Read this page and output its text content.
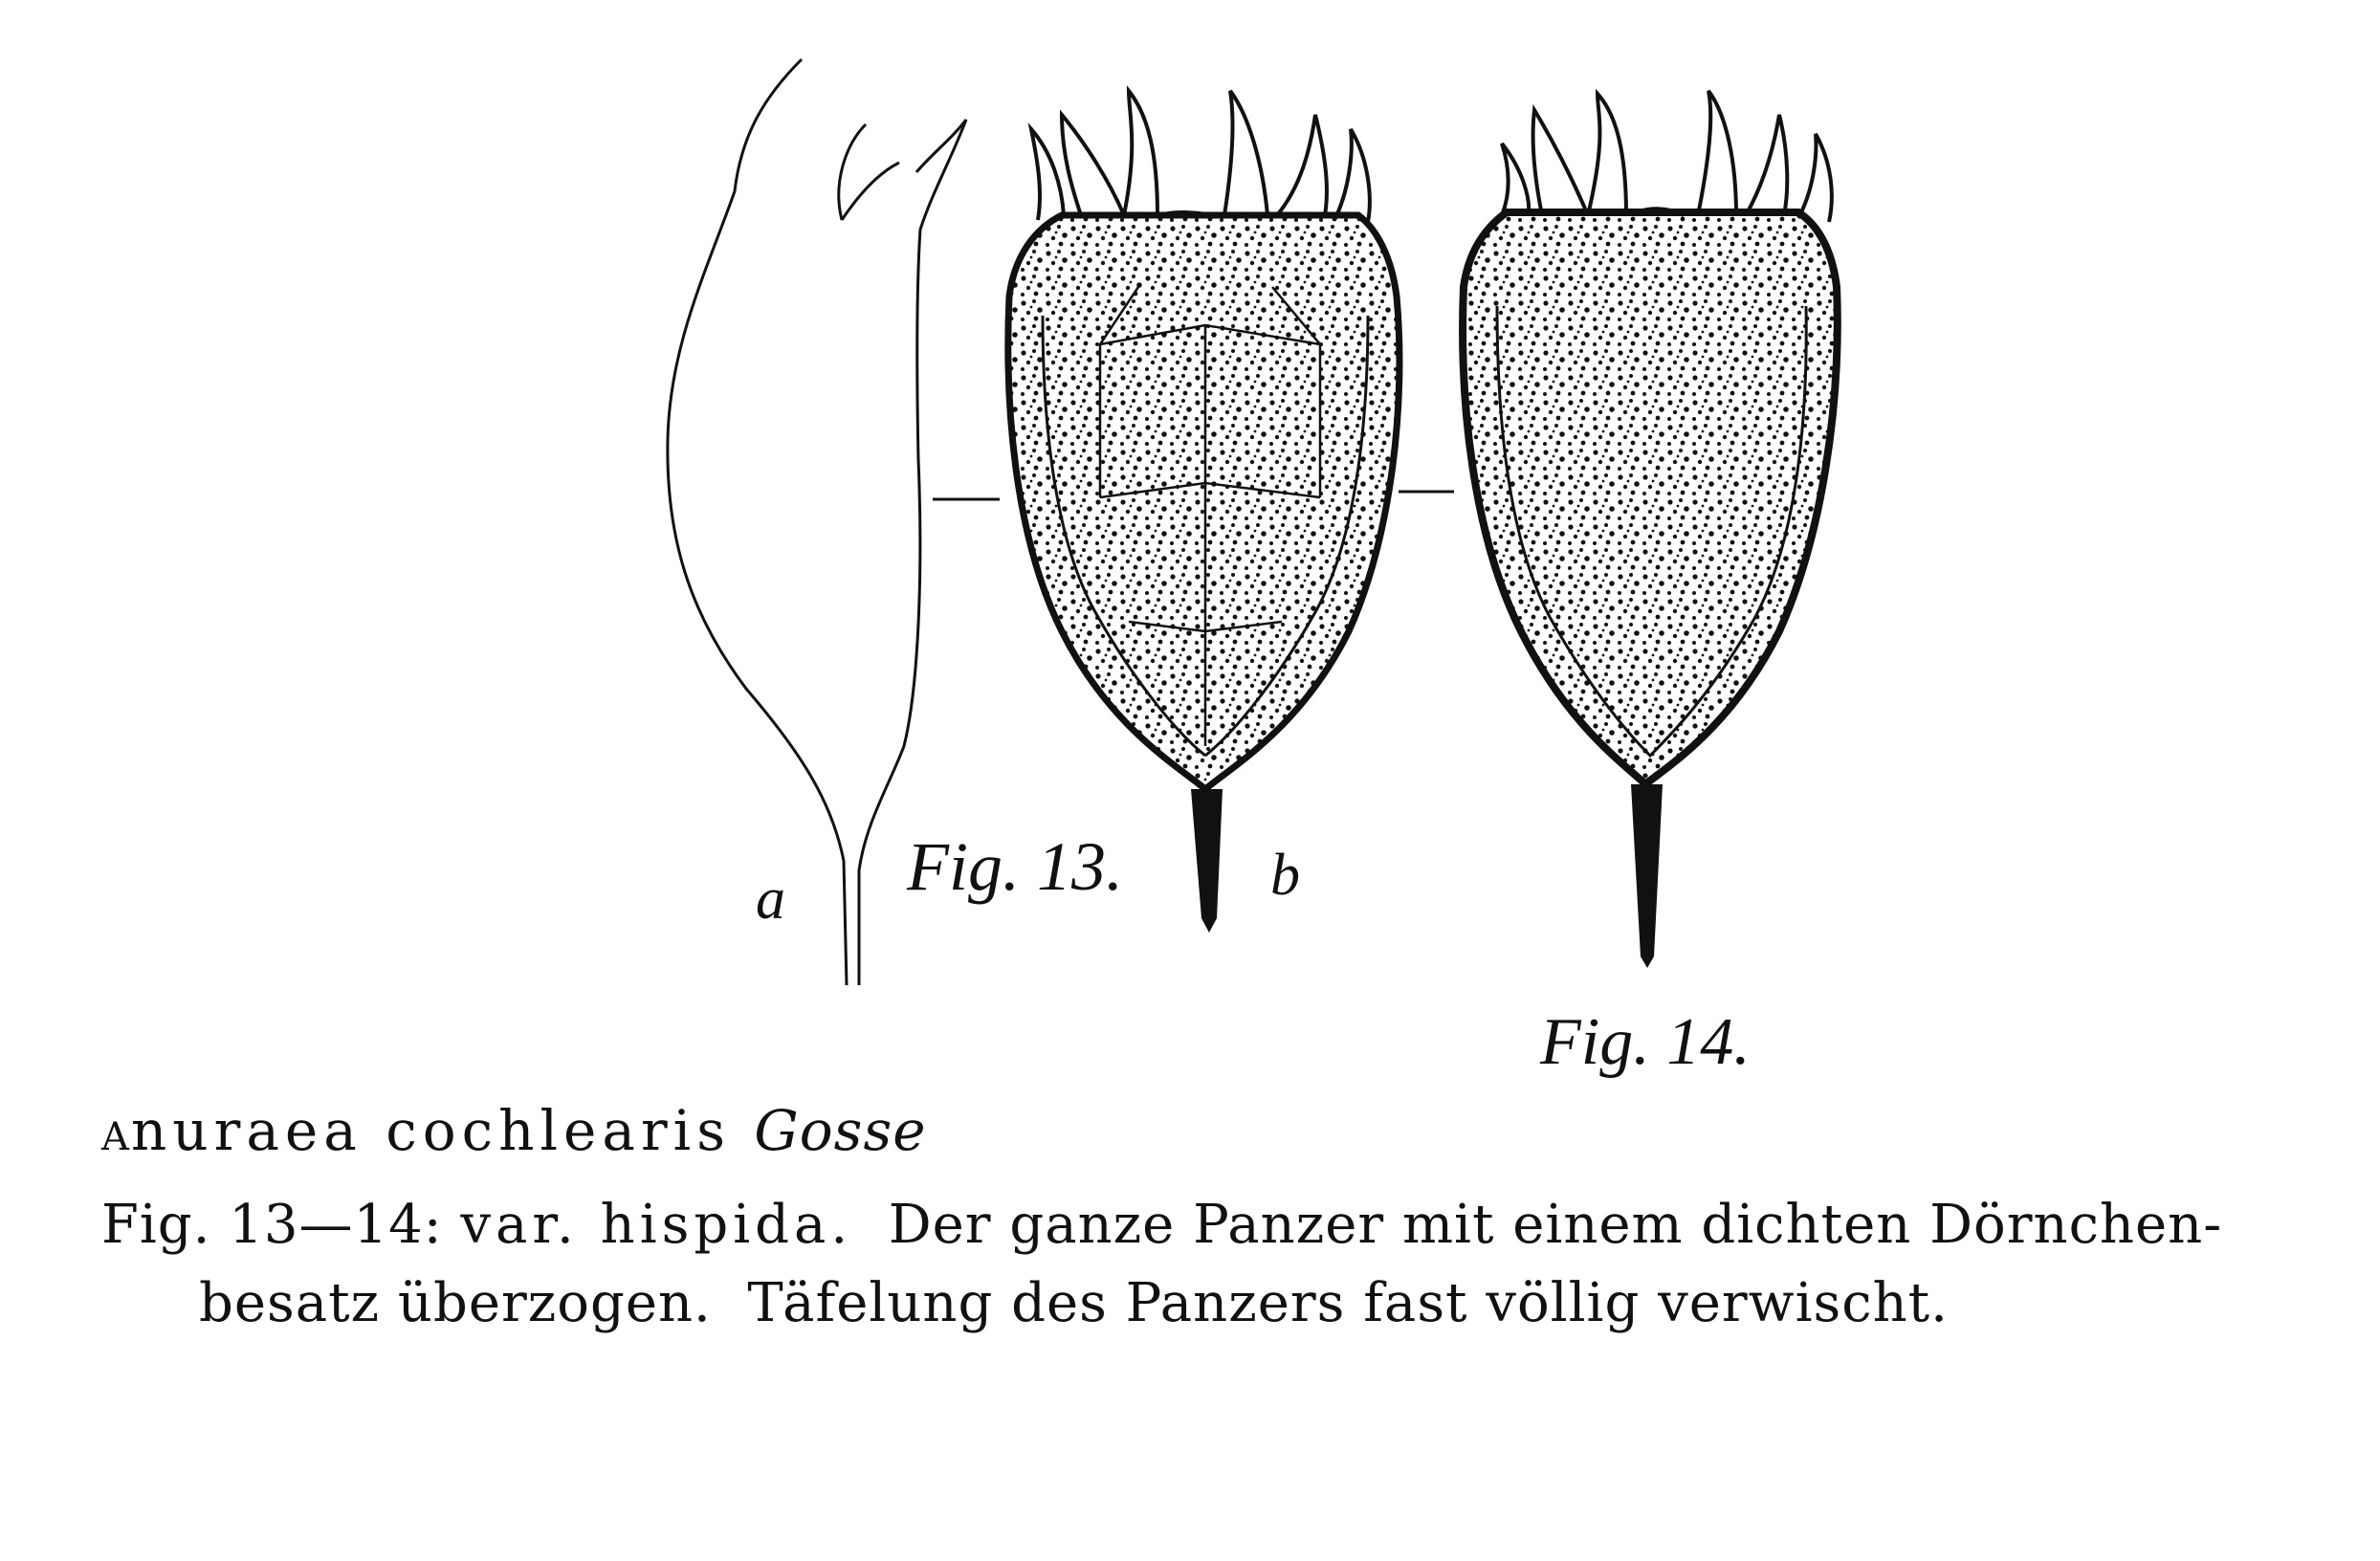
a Fig. 13. b
Fig. 14.
Anuraea cochlearis Gosse
Fig. 13—14: var. hispida.  Der ganze Panzer mit einem dichten Dörnchen-
besatz überzogen.  Täfelung des Panzers fast völlig verwischt.
